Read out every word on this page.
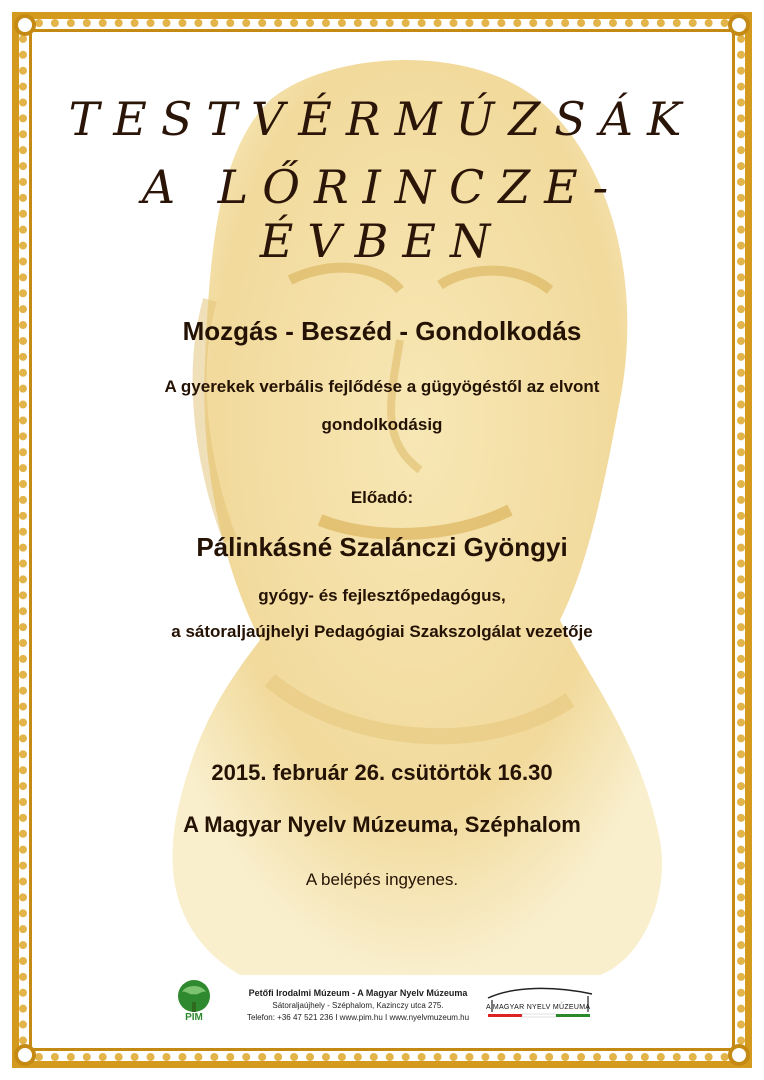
TESTVÉRMÚZSÁK
A LŐRINCZE-ÉVBEN
Mozgás - Beszéd - Gondolkodás
A gyerekek verbális fejlődése a gügyögéstől az elvont
gondolkodásig
Előadó:
Pálinkásné Szalánczi Gyöngyi
gyógy- és fejlesztőpedagógus,
a sátoraljaújhelyi Pedagógiai Szakszolgálat vezetője
2015. február 26. csütörtök 16.30
A Magyar Nyelv Múzeuma, Széphalom
A belépés ingyenes.
PIM
Petőfi Irodalmi Múzeum - A Magyar Nyelv Múzeuma
Sátoraljaújhely - Széphalom, Kazinczy utca 275.
Telefon: +36 47 521 236 I www.pim.hu I www.nyelvmuzeum.hu
A MAGYAR NYELV MÚZEUMA
